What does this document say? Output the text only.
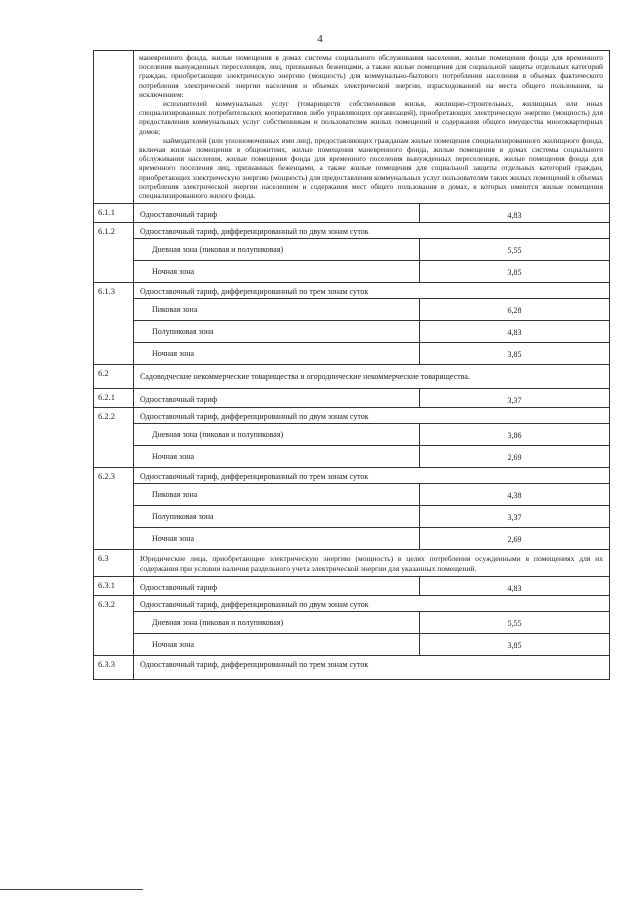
4

	маневренного фонда, жилые помещения в домах системы социального обслуживания населения, жилые помещения фонда для временного поселения вынужденных переселенцев, лиц, признанных беженцами, а также жилые помещения для социальной защиты отдельных категорий граждан, приобретающие электрическую энергию (мощность) для коммунально-бытового потребления населения в объемах фактического потребления электрической энергии населения и объемах электрической энергии, израсходованной на места общего пользования, за исключением:

исполнителей коммунальных услуг (товариществ собственников жилья, жилищно-строительных, жилищных или иных специализированных потребительских кооперативов либо управляющих организаций), приобретающих электрическую энергию (мощность) для предоставления коммунальных услуг собственникам и пользователям жилых помещений и содержания общего имущества многоквартирных домов;

наймодателей (или уполномоченных ими лиц), предоставляющих гражданам жилые помещения специализированного жилищного фонда, включая жилые помещения в общежитиях, жилые помещения маневренного фонда, жилые помещения в домах системы социального обслуживания населения, жилые помещения фонда для временного поселения вынужденных переселенцев, жилые помещения фонда для временного поселения лиц, признанных беженцами, а также жилые помещения для социальной защиты отдельных категорий граждан, приобретающих электрическую энергию (мощность) для предоставления коммунальных услуг пользователям таких жилых помещений в объемах потребления электрической энергии населением и содержания мест общего пользования в домах, в которых имеются жилые помещения специализированного жилого фонда.	

6.1.1	Одноставочный тариф	4,83
6.1.2	Одноставочный тариф, дифференцированный по двум зонам суток	
	Дневная зона (пиковая и полупиковая)	5,55
	Ночная зона	3,85
6.1.3	Одноставочный тариф, дифференцированный по трем зонам суток	
	Пиковая зона	6,28
	Полупиковая зона	4,83
	Ночная зона	3,85
6.2	Садоводческие некоммерческие товарищества и огороднические некоммерческие товарищества.	
6.2.1	Одноставочный тариф	3,37
6.2.2	Одноставочный тариф, дифференцированный по двум зонам суток	
	Дневная зона (пиковая и полупиковая)	3,86
	Ночная зона	2,69
6.2.3	Одноставочный тариф, дифференцированный по трем зонам суток	
	Пиковая зона	4,38
	Полупиковая зона	3,37
	Ночная зона	2,69
6.3	Юридические лица, приобретающие электрическую энергию (мощность) в целях потребления осужденными в помещениях для их содержания при условии наличия раздельного учета электрической энергии для указанных помещений.	
6.3.1	Одноставочный тариф	4,83
6.3.2	Одноставочный тариф, дифференцированный по двум зонам суток	
	Дневная зона (пиковая и полупиковая)	5,55
	Ночная зона	3,85
6.3.3	Одноставочный тариф, дифференцированный по трем зонам суток	
